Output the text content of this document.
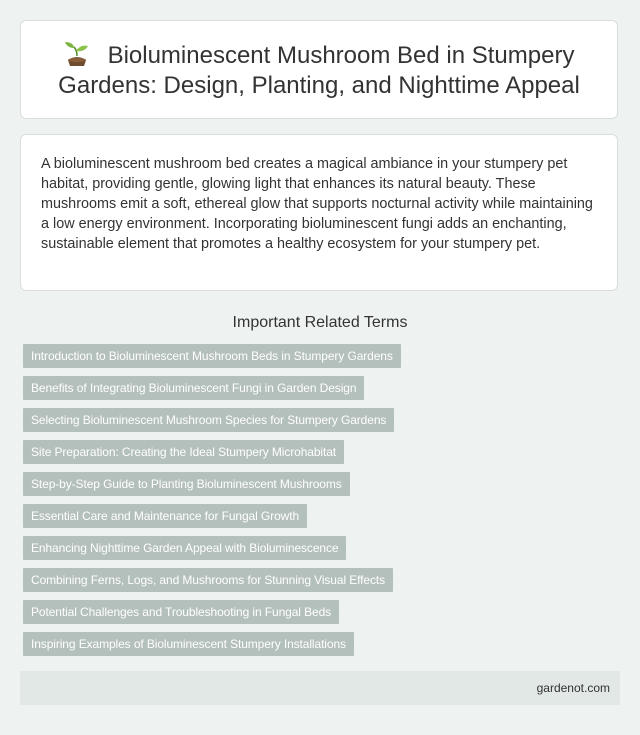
Bioluminescent Mushroom Bed in Stumpery Gardens: Design, Planting, and Nighttime Appeal

A bioluminescent mushroom bed creates a magical ambiance in your stumpery pet habitat, providing gentle, glowing light that enhances its natural beauty. These mushrooms emit a soft, ethereal glow that supports nocturnal activity while maintaining a low energy environment. Incorporating bioluminescent fungi adds an enchanting, sustainable element that promotes a healthy ecosystem for your stumpery pet.

Important Related Terms
Introduction to Bioluminescent Mushroom Beds in Stumpery Gardens
Benefits of Integrating Bioluminescent Fungi in Garden Design
Selecting Bioluminescent Mushroom Species for Stumpery Gardens
Site Preparation: Creating the Ideal Stumpery Microhabitat
Step-by-Step Guide to Planting Bioluminescent Mushrooms
Essential Care and Maintenance for Fungal Growth
Enhancing Nighttime Garden Appeal with Bioluminescence
Combining Ferns, Logs, and Mushrooms for Stunning Visual Effects
Potential Challenges and Troubleshooting in Fungal Beds
Inspiring Examples of Bioluminescent Stumpery Installations
gardenot.com
